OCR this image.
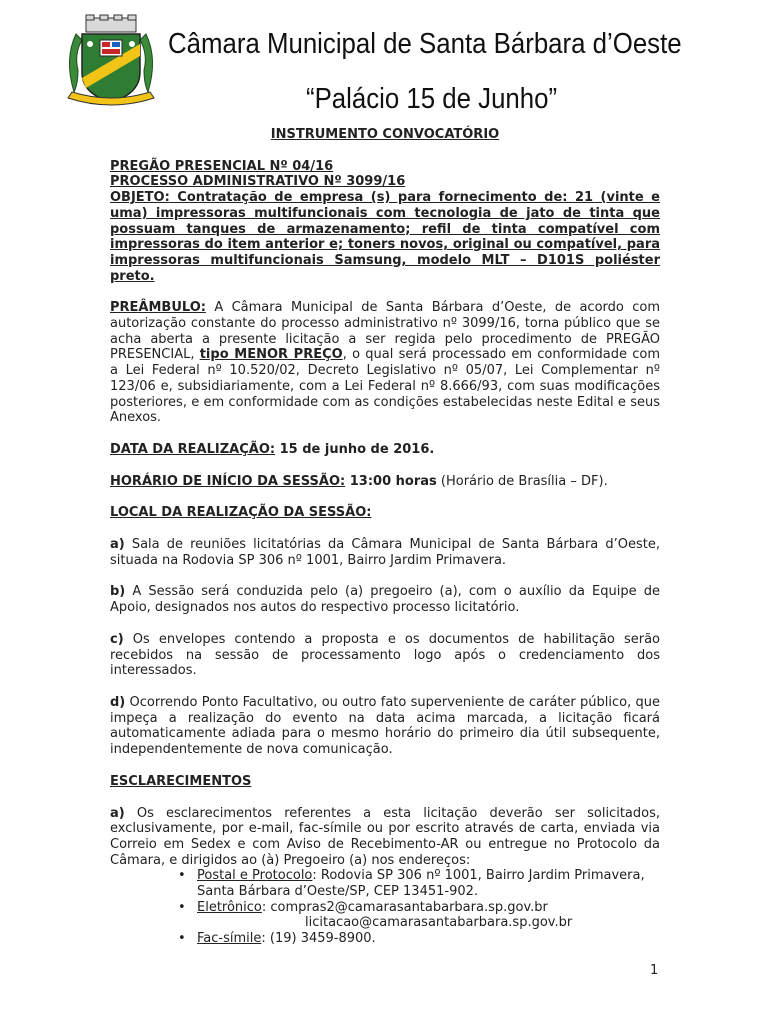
Câmara Municipal de Santa Bárbara d’Oeste
“Palácio 15 de Junho”

INSTRUMENTO CONVOCATÓRIO

PREGÃO PRESENCIAL Nº 04/16

PROCESSO ADMINISTRATIVO Nº 3099/16

OBJETO: Contratação de empresa (s) para fornecimento de: 21 (vinte e uma) impressoras multifuncionais com tecnologia de jato de tinta que possuam tanques de armazenamento; refil de tinta compatível com impressoras do item anterior e; toners novos, original ou compatível, para impressoras multifuncionais Samsung, modelo MLT – D101S poliéster preto.

PREÂMBULO: A Câmara Municipal de Santa Bárbara d’Oeste, de acordo com autorização constante do processo administrativo nº 3099/16, torna público que se acha aberta a presente licitação a ser regida pelo procedimento de PREGÃO PRESENCIAL, tipo MENOR PREÇO, o qual será processado em conformidade com a Lei Federal nº 10.520/02, Decreto Legislativo nº 05/07, Lei Complementar nº 123/06 e, subsidiariamente, com a Lei Federal nº 8.666/93, com suas modificações posteriores, e em conformidade com as condições estabelecidas neste Edital e seus Anexos.

DATA DA REALIZAÇÃO: 15 de junho de 2016.

HORÁRIO DE INÍCIO DA SESSÃO: 13:00 horas (Horário de Brasília – DF).

LOCAL DA REALIZAÇÃO DA SESSÃO:

a) Sala de reuniões licitatórias da Câmara Municipal de Santa Bárbara d’Oeste, situada na Rodovia SP 306 nº 1001, Bairro Jardim Primavera.

b) A Sessão será conduzida pelo (a) pregoeiro (a), com o auxílio da Equipe de Apoio, designados nos autos do respectivo processo licitatório.

c) Os envelopes contendo a proposta e os documentos de habilitação serão recebidos na sessão de processamento logo após o credenciamento dos interessados.

d) Ocorrendo Ponto Facultativo, ou outro fato superveniente de caráter público, que impeça a realização do evento na data acima marcada, a licitação ficará automaticamente adiada para o mesmo horário do primeiro dia útil subsequente, independentemente de nova comunicação.

ESCLARECIMENTOS

a) Os esclarecimentos referentes a esta licitação deverão ser solicitados, exclusivamente, por e-mail, fac-símile ou por escrito através de carta, enviada via Correio em Sedex e com Aviso de Recebimento-AR ou entregue no Protocolo da Câmara, e dirigidos ao (à) Pregoeiro (a) nos endereços:

• Postal e Protocolo: Rodovia SP 306 nº 1001, Bairro Jardim Primavera, Santa Bárbara d’Oeste/SP, CEP 13451-902.
• Eletrônico: compras2@camarasantabarbara.sp.gov.br
licitacao@camarasantabarbara.sp.gov.br
• Fac-símile: (19) 3459-8900.
1
